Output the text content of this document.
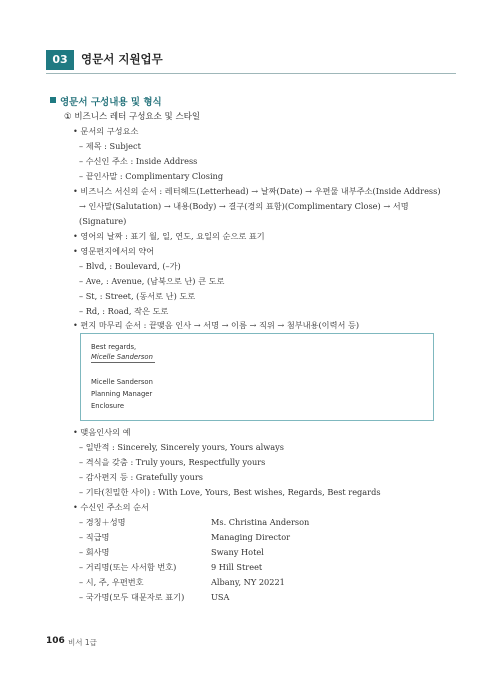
03	영문서 지원업무
영문서 구성내용 및 형식
① 비즈니스 레터 구성요소 및 스타일
• 문서의 구성요소
– 제목 : Subject
– 수신인 주소 : Inside Address
– 끝인사말 : Complimentary Closing
• 비즈니스 서신의 순서 : 레터헤드(Letterhead) → 날짜(Date) → 우편물 내부주소(Inside Address)
→ 인사말(Salutation) → 내용(Body) → 결구(경의 표함)(Complimentary Close) → 서명
(Signature)
• 영어의 날짜 : 표기 월, 일, 연도, 요일의 순으로 표기
• 영문편지에서의 약어
– Blvd, : Boulevard, (–가)
– Ave, : Avenue, (남북으로 난) 큰 도로
– St, : Street, (동서로 난) 도로
– Rd, : Road, 작은 도로
• 편지 마무리 순서 : 끝맺음 인사 → 서명 → 이름 → 직위 → 첨부내용(이력서 등)
Best regards,
Micelle Sanderson
Micelle Sanderson
Planning Manager
Enclosure
• 맺음인사의 예
– 일반적 : Sincerely, Sincerely yours, Yours always
– 격식을 갖춤 : Truly yours, Respectfully yours
– 감사편지 등 : Gratefully yours
– 기타(친밀한 사이) : With Love, Yours, Best wishes, Regards, Best regards
• 수신인 주소의 순서
– 경칭＋성명	Ms. Christina Anderson
– 직급명	Managing Director
– 회사명	Swany Hotel
– 거리명(또는 사서함 번호)	9 Hill Street
– 시, 주, 우편번호	Albany, NY 20221
– 국가명(모두 대문자로 표기)	USA
106 비서 1급
